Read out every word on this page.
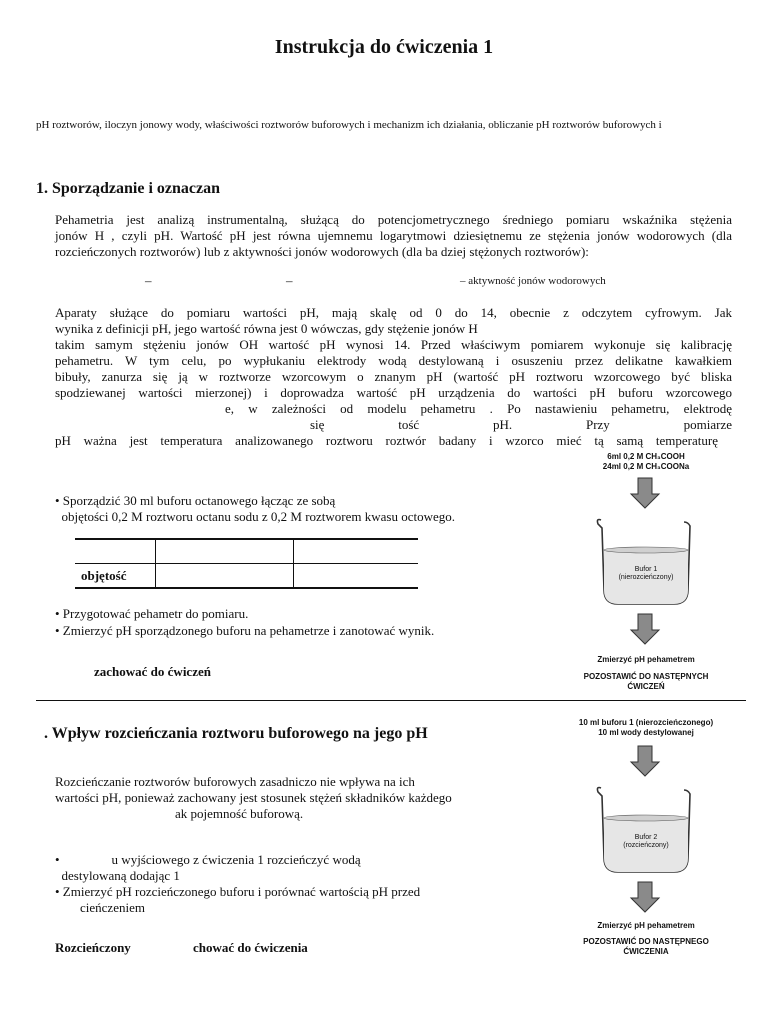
Instrukcja do ćwiczenia 1
pH roztworów, iloczyn jonowy wody, właściwości roztworów buforowych i mechanizm ich działania, obliczanie pH roztworów buforowych i
1. Sporządzanie i oznaczan
Pehametria jest analizą instrumentalną, służącą do potencjometrycznego średniego pomiaru wskaźnika stężenia
jonów H , czyli pH. Wartość pH jest równa ujemnemu logarytmowi dziesiętnemu ze stężenia jonów wodorowych (dla
rozcieńczonych roztworów) lub z aktywności jonów wodorowych (dla ba dziej stężonych roztworów):
–	–	– aktywność jonów wodorowych
Aparaty służące do pomiaru wartości pH, mają skalę od 0 do 14, obecnie z odczytem cyfrowym. Jak
wynika z definicji pH, jego wartość równa jest 0 wówczas, gdy stężenie jonów H
takim samym stężeniu jonów OH wartość pH wynosi 14. Przed właściwym pomiarem wykonuje się kalibrację
pehametru. W tym celu, po wypłukaniu elektrody wodą destylowaną i osuszeniu przez delikatne kawałkiem
bibuły, zanurza się ją w roztworze wzorcowym o znanym pH (wartość pH roztworu wzorcowego być bliska
spodziewanej wartości mierzonej) i doprowadza wartość pH urządzenia do wartości pH buforu wzorcowego
e, w zależności od modelu pehametru . Po nastawieniu pehametru, elektrodę
się tość pH. Przy pomiarze
pH ważna jest temperatura analizowanego roztworu roztwór badany i wzorco mieć tą samą temperaturę
• Sporządzić 30 ml buforu octanowego łącząc ze sobą
objętości 0,2 M roztworu octanu sodu z 0,2 M roztworem kwasu octowego.

objętość		
• Przygotować pehametr do pomiaru.
• Zmierzyć pH sporządzonego buforu na pehametrze i zanotować wynik.
zachować do ćwiczeń
. Wpływ rozcieńczania roztworu buforowego na jego pH
Rozcieńczanie roztworów buforowych zasadniczo nie wpływa na ich
wartości pH, ponieważ zachowany jest stosunek stężeń składników każdego
ak pojemność buforową.
•                u wyjściowego z ćwiczenia 1 rozcieńczyć wodą
destylowaną dodając 1
• Zmierzyć pH rozcieńczonego buforu i porównać wartością pH przed
cieńczeniem
Rozcieńczony	chować do ćwiczenia
6ml 0,2 M CH₃COOH
24ml 0,2 M CH₃COONa
Bufor 1
(nierozcieńczony)
Zmierzyć pH pehametrem
POZOSTAWIĆ DO NASTĘPNYCH
ĆWICZEŃ
10 ml buforu 1 (nierozcieńczonego)
10 ml wody destylowanej
Bufor 2
(rozcieńczony)
Zmierzyć pH pehametrem
POZOSTAWIĆ DO NASTĘPNEGO
ĆWICZENIA
